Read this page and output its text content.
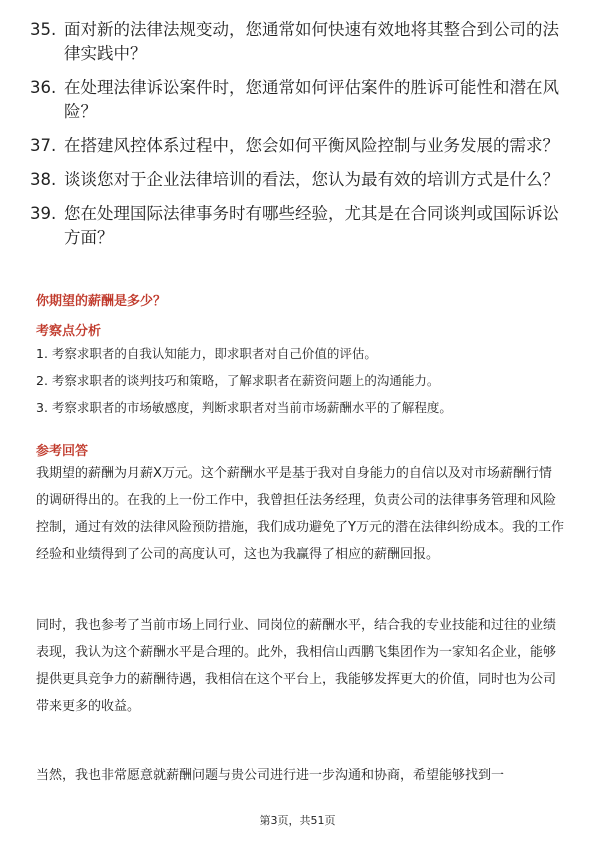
35. 面对新的法律法规变动，您通常如何快速有效地将其整合到公司的法律实践中？
36. 在处理法律诉讼案件时，您通常如何评估案件的胜诉可能性和潜在风险？
37. 在搭建风控体系过程中，您会如何平衡风险控制与业务发展的需求？
38. 谈谈您对于企业法律培训的看法，您认为最有效的培训方式是什么？
39. 您在处理国际法律事务时有哪些经验，尤其是在合同谈判或国际诉讼方面？
你期望的薪酬是多少？
考察点分析
1. 考察求职者的自我认知能力，即求职者对自己价值的评估。
2. 考察求职者的谈判技巧和策略，了解求职者在薪资问题上的沟通能力。
3. 考察求职者的市场敏感度，判断求职者对当前市场薪酬水平的了解程度。
参考回答

我期望的薪酬为月薪X万元。这个薪酬水平是基于我对自身能力的自信以及对市场薪酬行情的调研得出的。在我的上一份工作中，我曾担任法务经理，负责公司的法律事务管理和风险控制，通过有效的法律风险预防措施，我们成功避免了Y万元的潜在法律纠纷成本。我的工作经验和业绩得到了公司的高度认可，这也为我赢得了相应的薪酬回报。

同时，我也参考了当前市场上同行业、同岗位的薪酬水平，结合我的专业技能和过往的业绩表现，我认为这个薪酬水平是合理的。此外，我相信山西鹏飞集团作为一家知名企业，能够提供更具竞争力的薪酬待遇，我相信在这个平台上，我能够发挥更大的价值，同时也为公司带来更多的收益。

当然，我也非常愿意就薪酬问题与贵公司进行进一步沟通和协商，希望能够找到一

第3页，共51页
